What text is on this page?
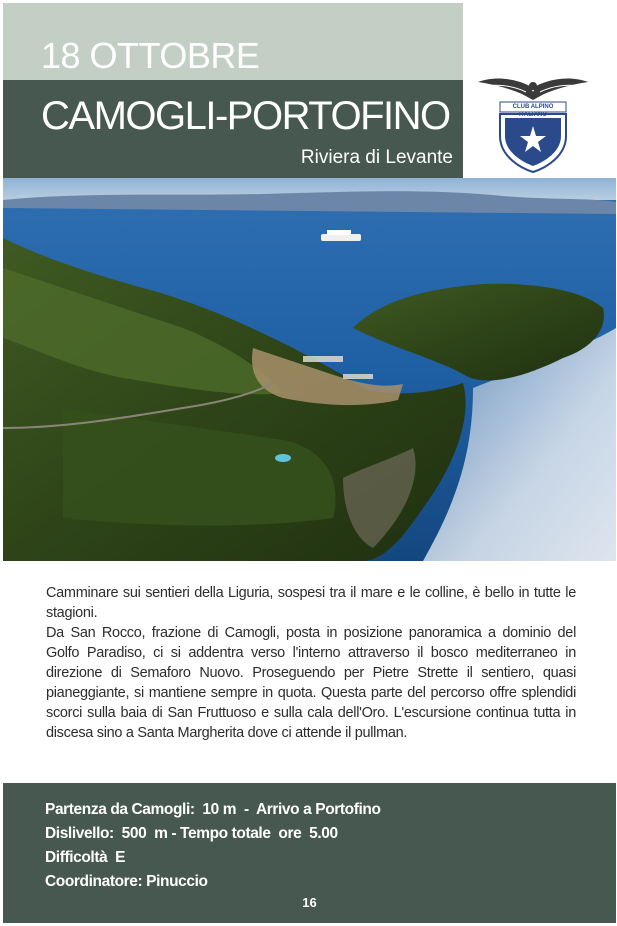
18 OTTOBRE
CAMOGLI-PORTOFINO
Riviera di Levante
CLUB ALPINO ITALIANO

Camminare sui sentieri della Liguria, sospesi tra il mare e le colline, è bello in tutte le stagioni.

Da San Rocco, frazione di Camogli, posta in posizione panoramica a dominio del Golfo Paradiso, ci si addentra verso l'interno attraverso il bosco mediterraneo in direzione di Semaforo Nuovo. Proseguendo per Pietre Strette il sentiero, quasi pianeggiante, si mantiene sempre in quota. Questa parte del percorso offre splendidi scorci sulla baia di San Fruttuoso e sulla cala dell'Oro. L'escursione continua tutta in discesa sino a Santa Margherita dove ci attende il pullman.

Partenza da Camogli:  10 m  -  Arrivo a Portofino
Dislivello:  500  m - Tempo totale  ore  5.00
Difficoltà  E
Coordinatore: Pinuccio
16
